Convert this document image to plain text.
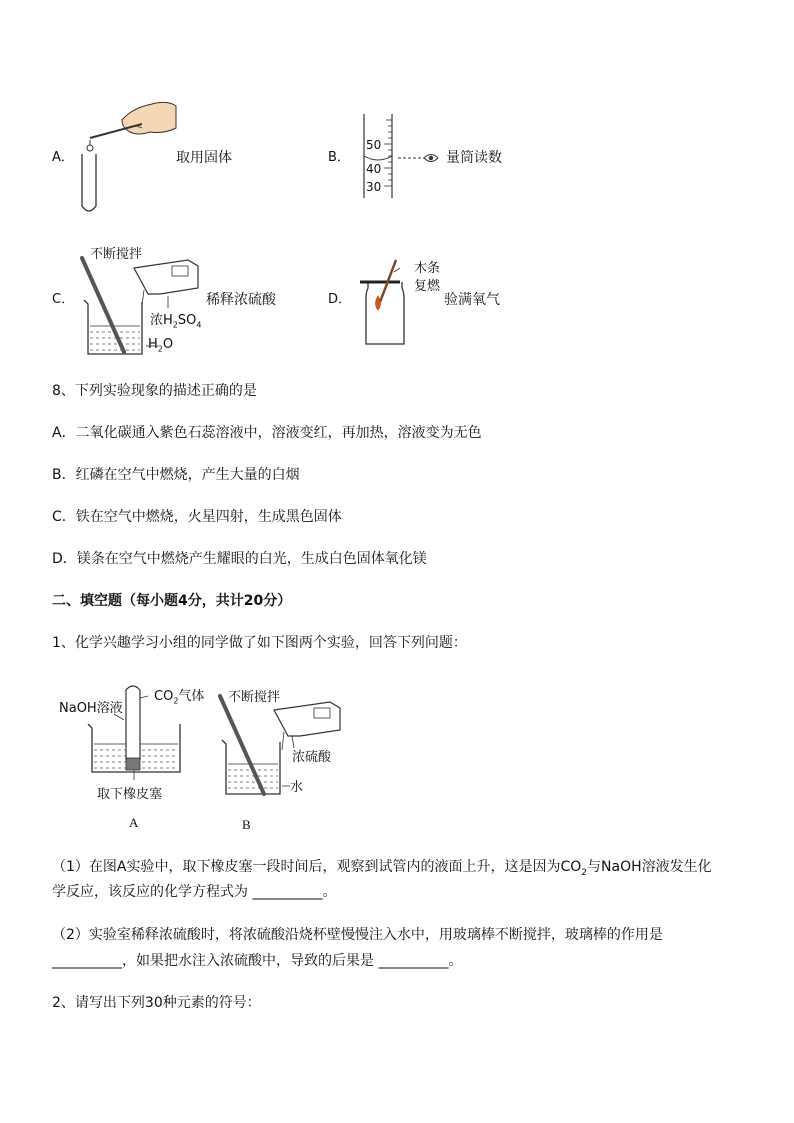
A．	取用固体	B．
50
40
30
量筒读数
C．
不断搅拌
稀释浓硫酸
浓$H_2SO_4$
$H_2O$
D．
木条
复燃
验满氧气
8、下列实验现象的描述正确的是
A．二氧化碳通入紫色石蕊溶液中，溶液变红，再加热，溶液变为无色
B．红磷在空气中燃烧，产生大量的白烟
C．铁在空气中燃烧，火星四射，生成黑色固体
D．镁条在空气中燃烧产生耀眼的白光，生成白色固体氧化镁
二、填空题（每小题4分，共计20分）
1、化学兴趣学习小组的同学做了如下图两个实验，回答下列问题：
NaOH溶液
$CO_2$气体
取下橡皮塞
A
不断搅拌
浓硫酸
水
B
（1）在图A实验中，取下橡皮塞一段时间后，观察到试管内的液面上升，这是因为$CO_2$与NaOH溶液发生化
学反应，该反应的化学方程式为 __________。
（2）实验室稀释浓硫酸时，将浓硫酸沿烧杯壁慢慢注入水中，用玻璃棒不断搅拌，玻璃棒的作用是
__________，如果把水注入浓硫酸中，导致的后果是 __________。
2、请写出下列30种元素的符号：
